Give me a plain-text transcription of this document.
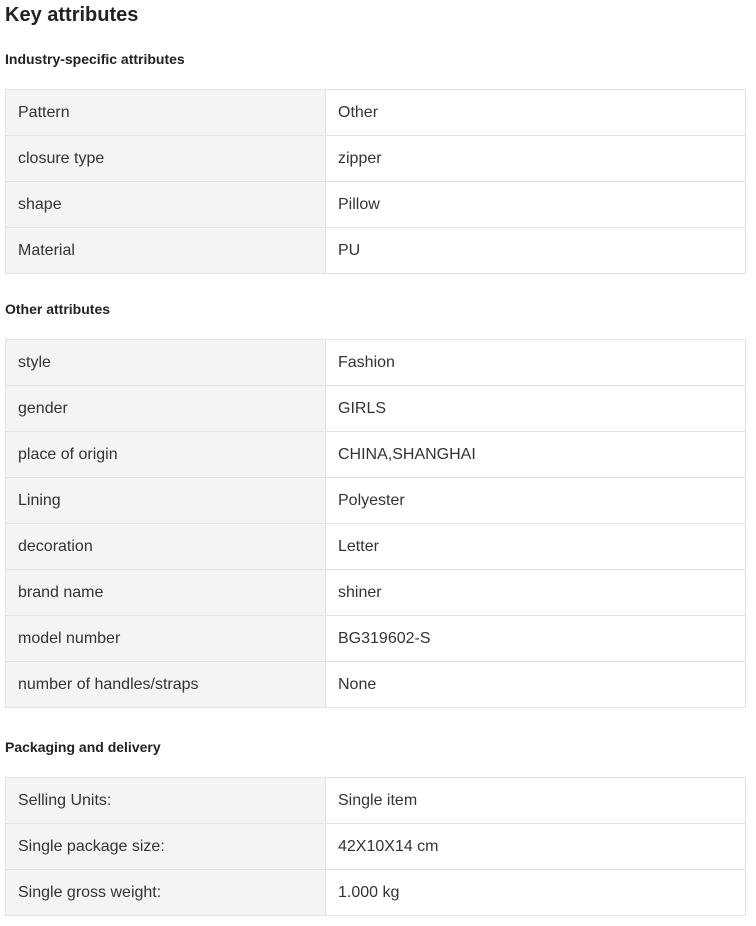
Key attributes
Industry-specific attributes
Pattern	Other
closure type	zipper
shape	Pillow
Material	PU
Other attributes
style	Fashion
gender	GIRLS
place of origin	CHINA,SHANGHAI
Lining	Polyester
decoration	Letter
brand name	shiner
model number	BG319602-S
number of handles/straps	None
Packaging and delivery
Selling Units:	Single item
Single package size:	42X10X14 cm
Single gross weight:	1.000 kg
